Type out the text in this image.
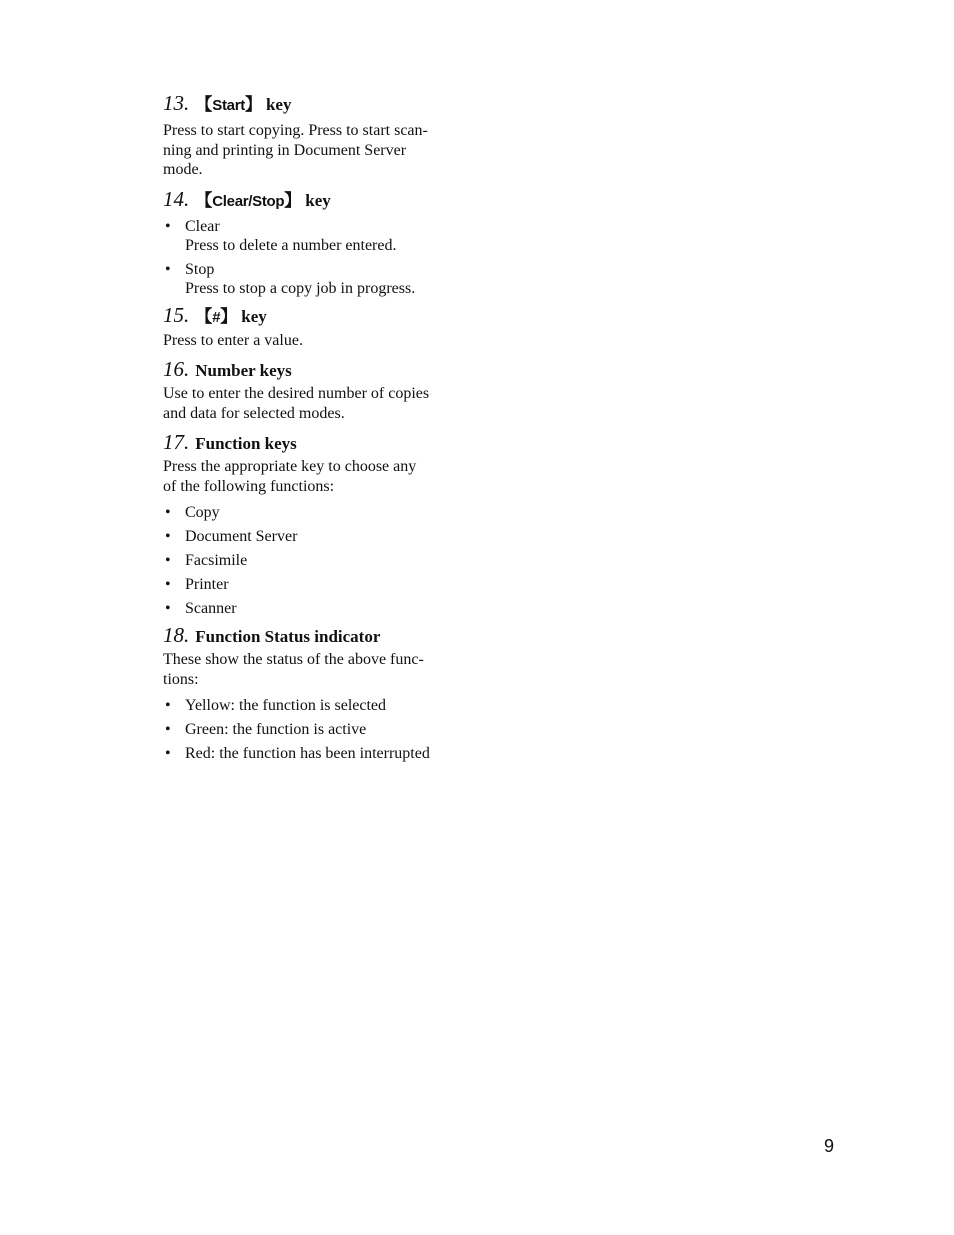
13. 【 Start 】 key

Press to start copying. Press to start scan-
ning and printing in Document Server
mode.

14. 【 Clear/Stop 】 key
• Clear
Press to delete a number entered.
• Stop
Press to stop a copy job in progress.
15. 【 # 】 key

Press to enter a value.

16. Number keys

Use to enter the desired number of copies
and data for selected modes.

17. Function keys

Press the appropriate key to choose any
of the following functions:

• Copy
• Document Server
• Facsimile
• Printer
• Scanner
18. Function Status indicator

These show the status of the above func-
tions:

• Yellow: the function is selected
• Green: the function is active
• Red: the function has been interrupted
9
